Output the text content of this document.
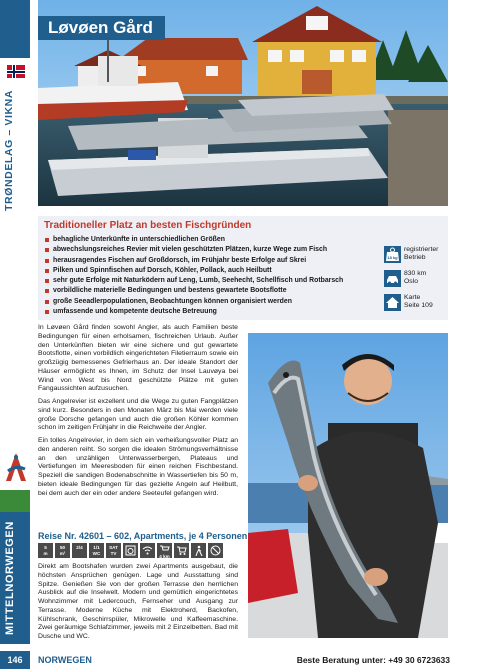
TRØNDELAG – VIKNA
MITTELNORWEGEN
Løvøen Gård
Traditioneller Platz an besten Fischgründen
behagliche Unterkünfte in unterschiedlichen Größen
abwechslungsreiches Revier mit vielen geschützten Plätzen, kurze Wege zum Fisch
herausragendes Fischen auf Großdorsch, im Frühjahr beste Erfolge auf Skrei
Pilken und Spinnfischen auf Dorsch, Köhler, Pollack, auch Heilbutt
sehr gute Erfolge mit Naturködern auf Leng, Lumb, Seehecht, Schellfisch und Rotbarsch
vorbildliche materielle Bedingungen und bestens gewartete Bootsflotte
große Seeadlerpopulationen, Beobachtungen können organisiert werden
umfassende und kompetente deutsche Betreuung
18 kg
registrierter
Betrieb
830 km
Oslo
Karte
Seite 109

In Løvøen Gård finden sowohl Angler, als auch Familien beste Bedingungen für einen erholsamen, fischreichen Urlaub. Außer den Unterkünften bieten wir eine sichere und gut gewartete Bootsflotte, einen vorbildlich eingerichteten Filetierraum sowie ein großzügig bemessenes Gefrierhaus an. Der ideale Standort der Häuser ermöglicht es Ihnen, im Schutz der Insel Lauvøya bei Wind von West bis Nord geschützte Plätze mit guten Fangaussichten aufzusuchen.

Das Angelrevier ist exzellent und die Wege zu guten Fangplätzen sind kurz. Besonders in den Monaten März bis Mai werden viele große Dorsche gefangen und auch die großen Köhler kommen schon im zeitigen Frühjahr in die Reichweite der Angler.

Ein tolles Angelrevier, in dem sich ein verheißungsvoller Platz an den anderen reiht. So sorgen die idealen Strömungsverhältnisse an den unzähligen Unterwasserbergen, Plateaus und Vertiefungen im Meeresboden für einen reichen Fischbestand. Speziell die sandigen Bodenabschnitte in Wassertiefen bis 50 m, bieten ideale Bedingungen für das gezielte Angeln auf Heilbutt, bei dem auch der ein oder andere Seeteufel gefangen wird.

Reise Nr. 42601 – 602, Apartments, je 4 Personen
5
m
50
m²
2/4	1/1
WC
SAT
TV
4 km
Direkt am Bootshafen wurden zwei Apartments ausgebaut, die höchsten Ansprüchen genügen. Lage und Ausstattung sind Spitze. Genießen Sie von der großen Terrasse den herrlichen Ausblick auf die Inselwelt. Modern und gemütlich eingerichtetes Wohnzimmer mit Ledercouch, Fernseher und Ausgang zur Terrasse. Moderne Küche mit Elektroherd, Backofen, Kühlschrank, Geschirrspüler, Mikrowelle und Kaffeemaschine. Zwei geräumige Schlafzimmer, jeweils mit 2 Einzelbetten. Bad mit Dusche und WC.
146	NORWEGEN	Beste Beratung unter: +49 30 6723633
